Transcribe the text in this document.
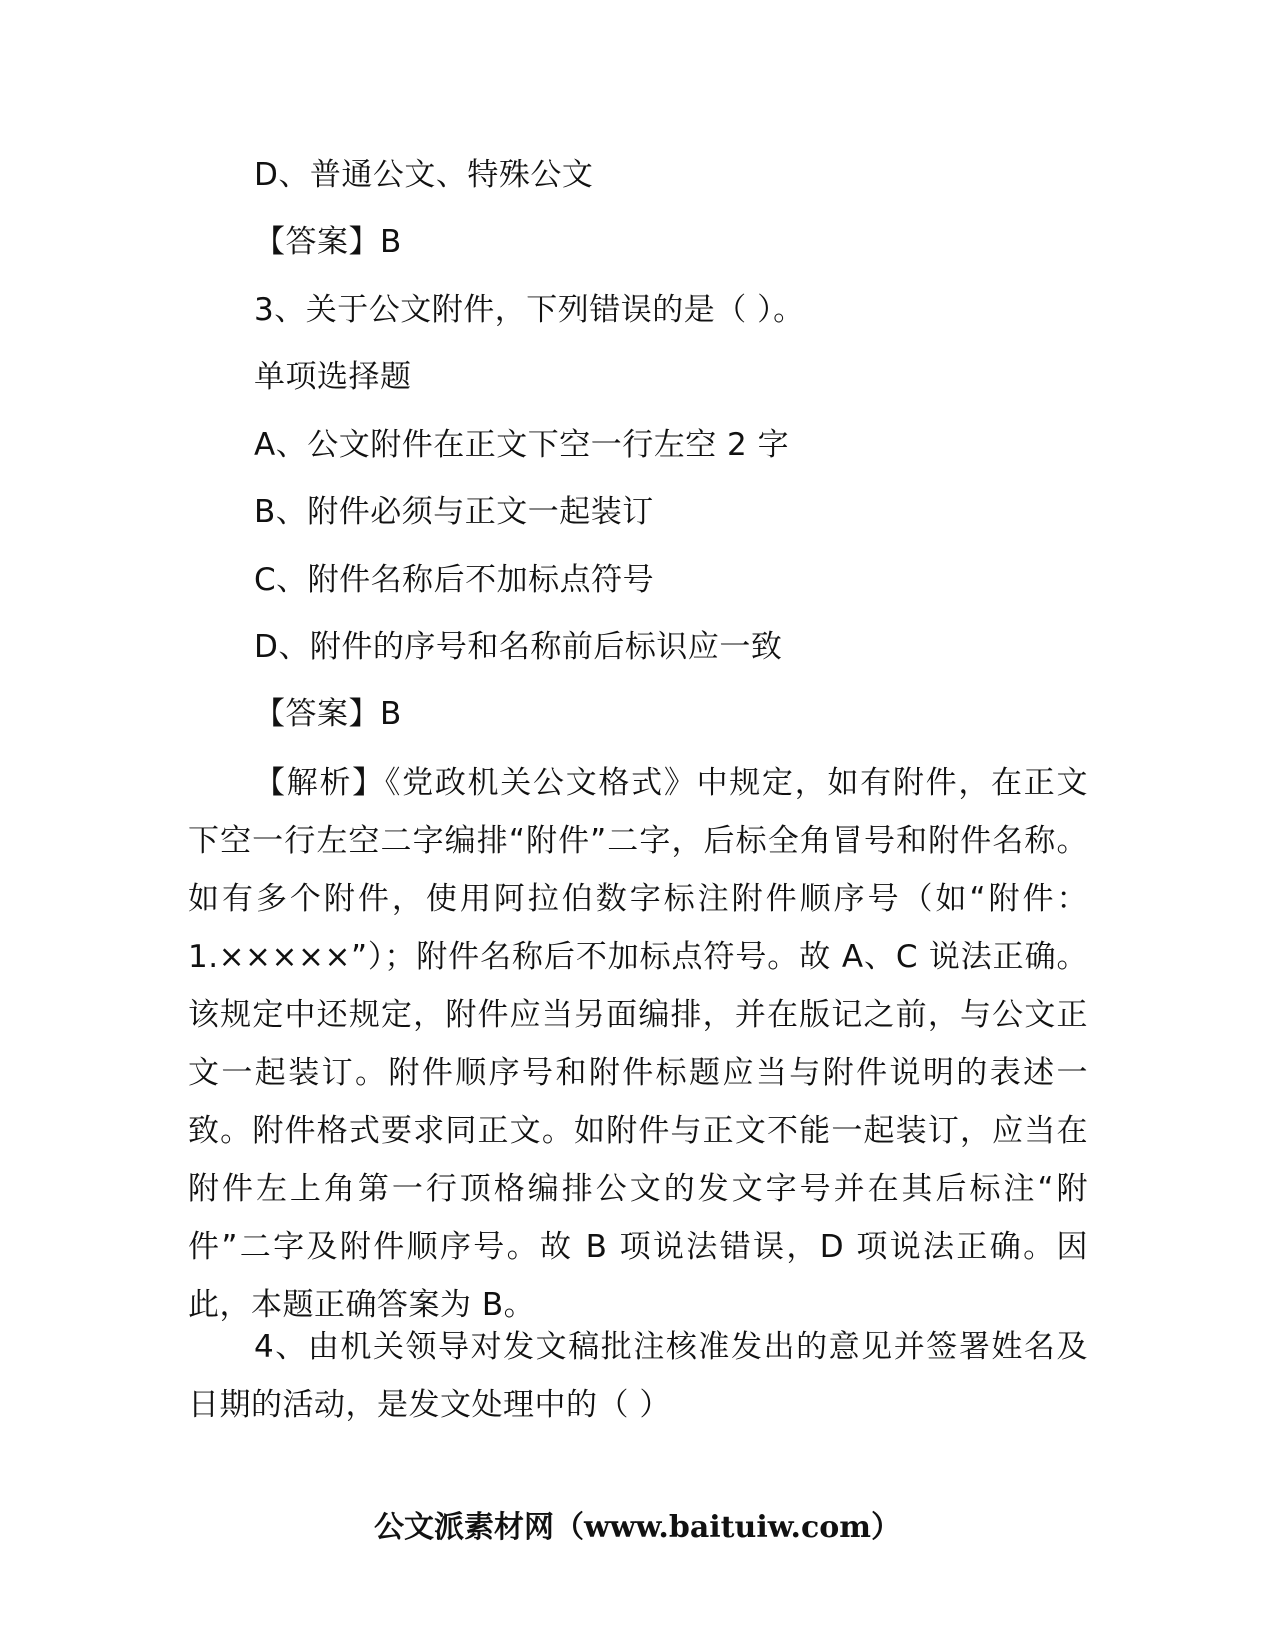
D、普通公文、特殊公文
【答案】B
3、关于公文附件，下列错误的是（ ）。
单项选择题
A、公文附件在正文下空一行左空 2 字
B、附件必须与正文一起装订
C、附件名称后不加标点符号
D、附件的序号和名称前后标识应一致
【答案】B
【解析】《党政机关公文格式》中规定，如有附件，在正文下空一行左空二字编排“附件”二字，后标全角冒号和附件名称。如有多个附件，使用阿拉伯数字标注附件顺序号（如“附件：1.×××××”）；附件名称后不加标点符号。故 A、C 说法正确。该规定中还规定，附件应当另面编排，并在版记之前，与公文正文一起装订。附件顺序号和附件标题应当与附件说明的表述一致。附件格式要求同正文。如附件与正文不能一起装订，应当在附件左上角第一行顶格编排公文的发文字号并在其后标注“附件”二字及附件顺序号。故 B 项说法错误，D 项说法正确。因此，本题正确答案为 B。
4、由机关领导对发文稿批注核准发出的意见并签署姓名及日期的活动，是发文处理中的（ ）
公文派素材网（www.baituiw.com）
